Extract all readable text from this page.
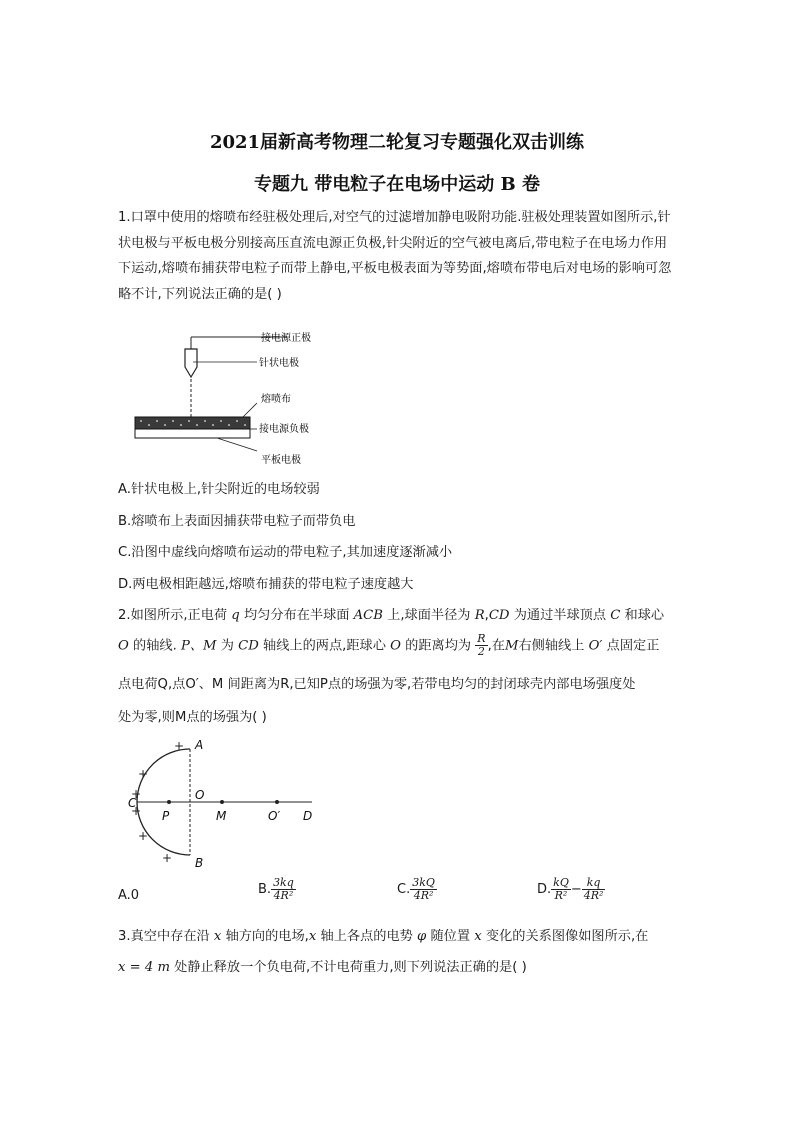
2021届新高考物理二轮复习专题强化双击训练
专题九 带电粒子在电场中运动 B 卷
1.口罩中使用的熔喷布经驻极处理后,对空气的过滤增加静电吸附功能.驻极处理装置如图所示,针状电极与平板电极分别接高压直流电源正负极,针尖附近的空气被电离后,带电粒子在电场力作用下运动,熔喷布捕获带电粒子而带上静电,平板电极表面为等势面,熔喷布带电后对电场的影响可忽略不计,下列说法正确的是( )
接电源正极
针状电极
熔喷布
接电源负极
平板电极
A.针状电极上,针尖附近的电场较弱
B.熔喷布上表面因捕获带电粒子而带负电
C.沿图中虚线向熔喷布运动的带电粒子,其加速度逐渐减小
D.两电极相距越远,熔喷布捕获的带电粒子速度越大
2.如图所示,正电荷 q 均匀分布在半球面 ACB 上,球面半径为 R,CD 为通过半球顶点 C 和球心
O 的轴线. P、M 为 CD 轴线上的两点,距球心 O 的距离均为 $\frac{R}{2}$ ,在M右侧轴线上 O′ 点固定正
点电荷Q,点O′、M 间距离为R,已知P点的场强为零,若带电均匀的封闭球壳内部电场强度处
处为零,则M点的场强为( )
+
+
+
+
+
+
A
B
C
O
P	M	O′ D
A.0	B. $\frac{3kq}{\text{4R²}}$	C. $\frac{3kQ}{\text{4R²}}$	D. $\frac{kQ}{\text{R²}} - \frac{kq}{\text{4R²}}$
3.真空中存在沿 x 轴方向的电场,x 轴上各点的电势 φ 随位置 x 变化的关系图像如图所示,在
x = 4 m 处静止释放一个负电荷,不计电荷重力,则下列说法正确的是( )
